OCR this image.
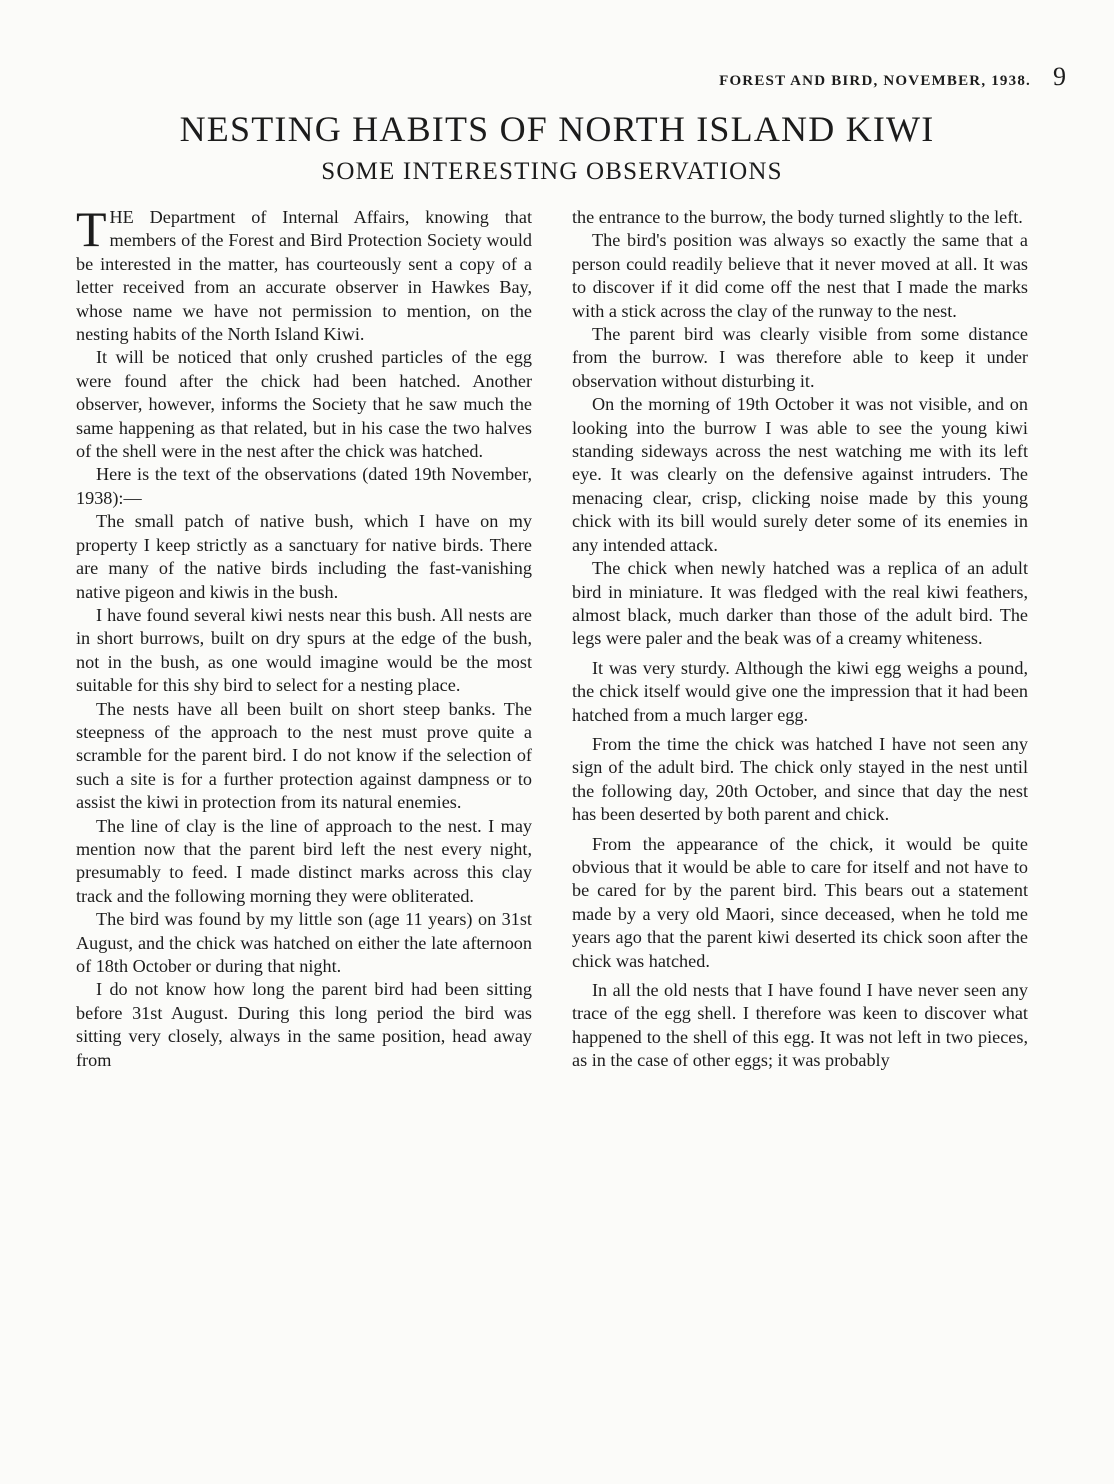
FOREST AND BIRD, NOVEMBER, 1938. 9
NESTING HABITS OF NORTH ISLAND KIWI
SOME INTERESTING OBSERVATIONS

THE Department of Internal Affairs, knowing that members of the Forest and Bird Protection Society would be interested in the matter, has courteously sent a copy of a letter received from an accurate observer in Hawkes Bay, whose name we have not permission to mention, on the nesting habits of the North Island Kiwi.

It will be noticed that only crushed particles of the egg were found after the chick had been hatched. Another observer, however, informs the Society that he saw much the same happening as that related, but in his case the two halves of the shell were in the nest after the chick was hatched.

Here is the text of the observations (dated 19th November, 1938):—

The small patch of native bush, which I have on my property I keep strictly as a sanctuary for native birds. There are many of the native birds including the fast-vanishing native pigeon and kiwis in the bush.

I have found several kiwi nests near this bush. All nests are in short burrows, built on dry spurs at the edge of the bush, not in the bush, as one would imagine would be the most suitable for this shy bird to select for a nesting place.

The nests have all been built on short steep banks. The steepness of the approach to the nest must prove quite a scramble for the parent bird. I do not know if the selection of such a site is for a further protection against dampness or to assist the kiwi in protection from its natural enemies.

The line of clay is the line of approach to the nest. I may mention now that the parent bird left the nest every night, presumably to feed. I made distinct marks across this clay track and the following morning they were obliterated.

The bird was found by my little son (age 11 years) on 31st August, and the chick was hatched on either the late afternoon of 18th October or during that night.

I do not know how long the parent bird had been sitting before 31st August. During this long period the bird was sitting very closely, always in the same position, head away from

the entrance to the burrow, the body turned slightly to the left.

The bird's position was always so exactly the same that a person could readily believe that it never moved at all. It was to discover if it did come off the nest that I made the marks with a stick across the clay of the runway to the nest.

The parent bird was clearly visible from some distance from the burrow. I was therefore able to keep it under observation without disturbing it.

On the morning of 19th October it was not visible, and on looking into the burrow I was able to see the young kiwi standing sideways across the nest watching me with its left eye. It was clearly on the defensive against intruders. The menacing clear, crisp, clicking noise made by this young chick with its bill would surely deter some of its enemies in any intended attack.

The chick when newly hatched was a replica of an adult bird in miniature. It was fledged with the real kiwi feathers, almost black, much darker than those of the adult bird. The legs were paler and the beak was of a creamy whiteness.

It was very sturdy. Although the kiwi egg weighs a pound, the chick itself would give one the impression that it had been hatched from a much larger egg.

From the time the chick was hatched I have not seen any sign of the adult bird. The chick only stayed in the nest until the following day, 20th October, and since that day the nest has been deserted by both parent and chick.

From the appearance of the chick, it would be quite obvious that it would be able to care for itself and not have to be cared for by the parent bird. This bears out a statement made by a very old Maori, since deceased, when he told me years ago that the parent kiwi deserted its chick soon after the chick was hatched.

In all the old nests that I have found I have never seen any trace of the egg shell. I therefore was keen to discover what happened to the shell of this egg. It was not left in two pieces, as in the case of other eggs; it was probably
